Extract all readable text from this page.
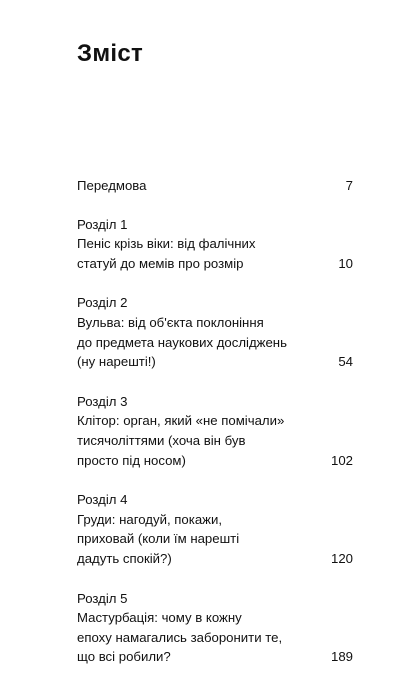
Зміст
Передмова	7
Розділ 1
Пеніс крізь віки: від фалічних
статуй до мемів про розмір	10
Розділ 2
Вульва: від об'єкта поклоніння
до предмета наукових досліджень
(ну нарешті!)	54
Розділ 3
Клітор: орган, який «не помічали»
тисячоліттями (хоча він був
просто під носом)	102
Розділ 4
Груди: нагодуй, покажи,
приховай (коли їм нарешті
дадуть спокій?)	120
Розділ 5
Мастурбація: чому в кожну
епоху намагались заборонити те,
що всі робили?	189
